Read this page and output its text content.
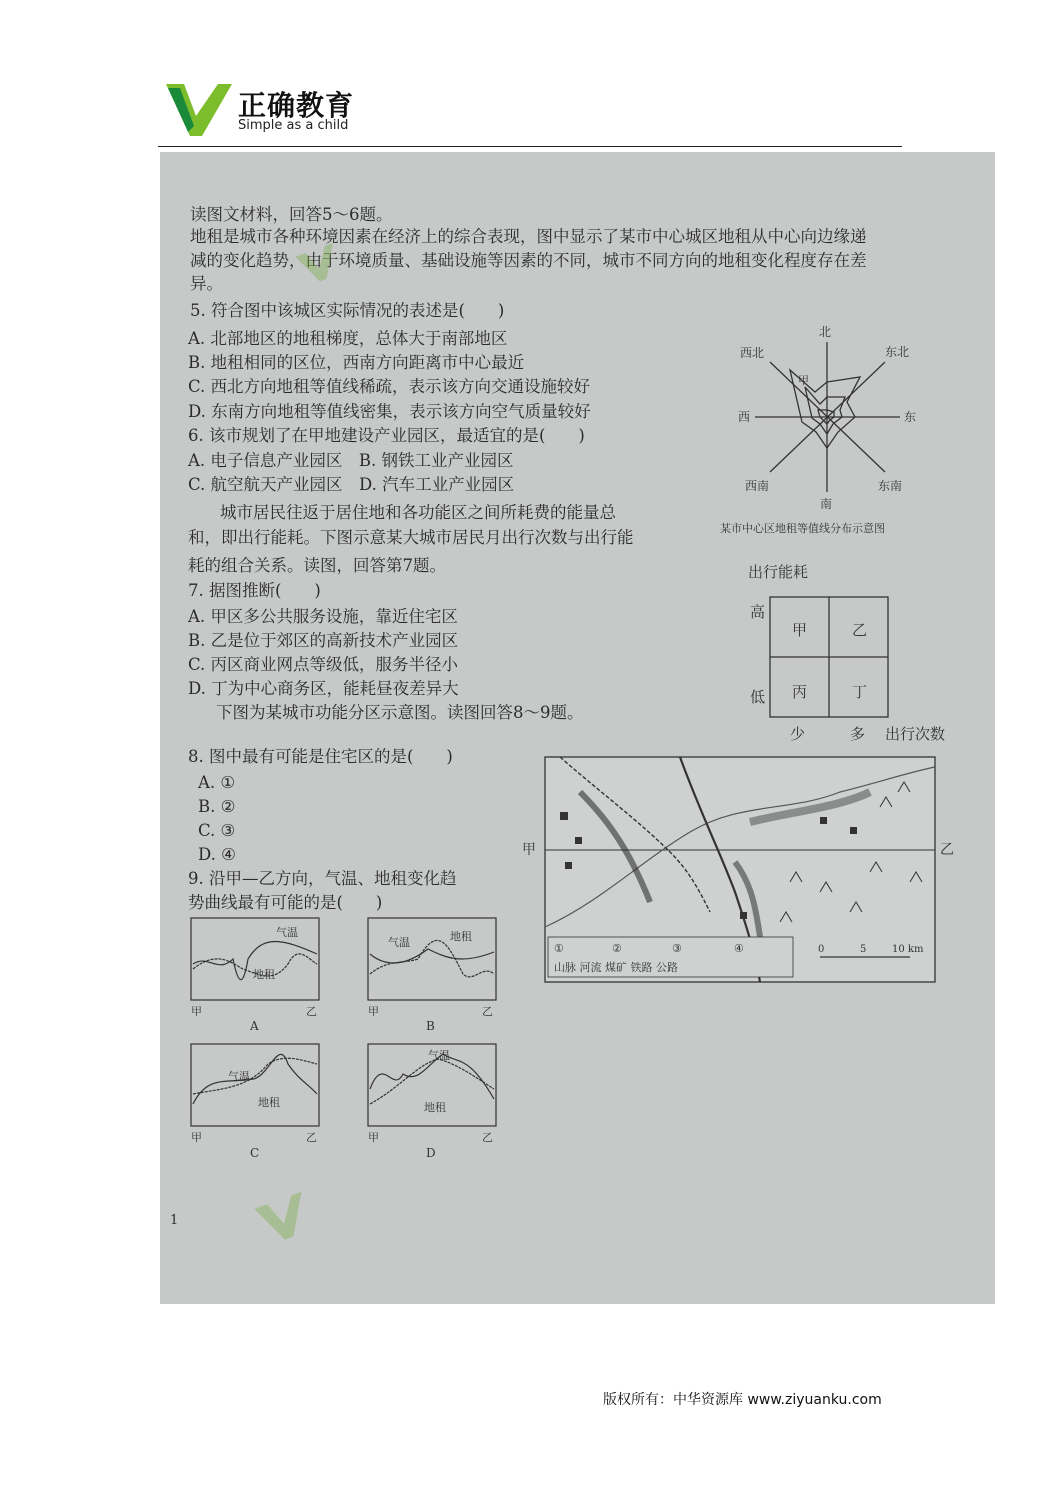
正确教育
Simple as a child
读图文材料，回答5～6题。
地租是城市各种环境因素在经济上的综合表现，图中显示了某市中心城区地租从中心向边缘递
减的变化趋势，由于环境质量、基础设施等因素的不同，城市不同方向的地租变化程度存在差
异。
5. 符合图中该城区实际情况的表述是(　　)
A. 北部地区的地租梯度，总体大于南部地区
B. 地租相同的区位，西南方向距离市中心最近
C. 西北方向地租等值线稀疏，表示该方向交通设施较好
D. 东南方向地租等值线密集，表示该方向空气质量较好
6. 该市规划了在甲地建设产业园区，最适宜的是(　　)
A. 电子信息产业园区　B. 钢铁工业产业园区
C. 航空航天产业园区　D. 汽车工业产业园区
北
东北
东
东南
南
西南
西
西北
甲
某市中心区地租等值线分布示意图
城市居民往返于居住地和各功能区之间所耗费的能量总
和，即出行能耗。下图示意某大城市居民月出行次数与出行能
耗的组合关系。读图，回答第7题。
7. 据图推断(　　)
A. 甲区多公共服务设施，靠近住宅区
B. 乙是位于郊区的高新技术产业园区
C. 丙区商业网点等级低，服务半径小
D. 丁为中心商务区，能耗昼夜差异大
出行能耗
高
低
少	多 出行次数
甲	乙
丙	丁
下图为某城市功能分区示意图。读图回答8～9题。
8. 图中最有可能是住宅区的是(　　)
A. ①
B. ②
C. ③
D. ④
9. 沿甲—乙方向，气温、地租变化趋
势曲线最有可能的是(　　)
甲	乙
①	②	③	④
山脉 河流 煤矿 铁路 公路
0	5	10 km
气温
地租
气温	地租
气温
地租
气温
地租
甲	乙	甲	乙
甲	乙	甲	乙
A	B
C	D
1
版权所有：中华资源库 www.ziyuanku.com
